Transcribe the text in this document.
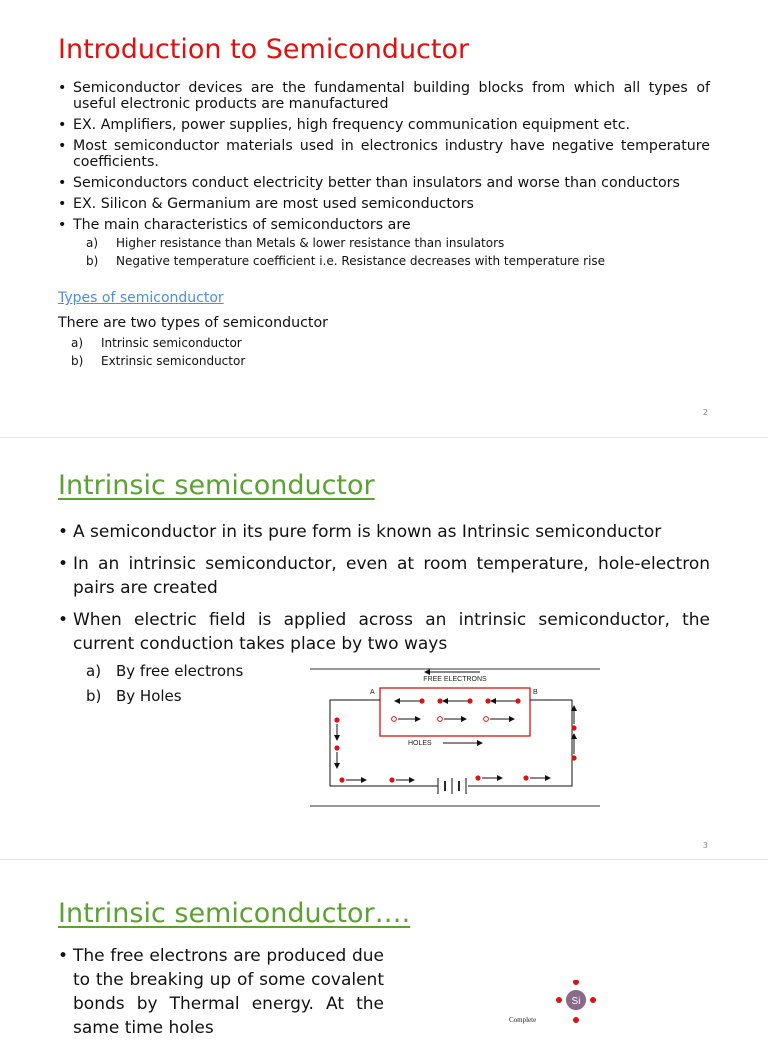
Introduction to Semiconductor
• Semiconductor devices are the fundamental building blocks from which all types of useful electronic products are manufactured
• EX. Amplifiers, power supplies, high frequency communication equipment etc.
• Most semiconductor materials used in electronics industry have negative temperature coefficients.
• Semiconductors conduct electricity better than insulators and worse than conductors
• EX. Silicon & Germanium are most used semiconductors
• The main characteristics of semiconductors are
a) Higher resistance than Metals & lower resistance than insulators
b) Negative temperature coefficient i.e. Resistance decreases with temperature rise
Types of semiconductor
There are two types of semiconductor
a) Intrinsic semiconductor
b) Extrinsic semiconductor
2
Intrinsic semiconductor
• A semiconductor in its pure form is known as Intrinsic semiconductor
• In an intrinsic semiconductor, even at room temperature, hole-electron pairs are created
• When electric field is applied across an intrinsic semiconductor, the current conduction takes place by two ways
a) By free electrons
b) By Holes
FREE ELECTRONS
A	B
HOLES
3
Intrinsic semiconductor….
• The free electrons are produced due to the breaking up of some covalent bonds by Thermal energy. At the same time holes
Si
Complete
